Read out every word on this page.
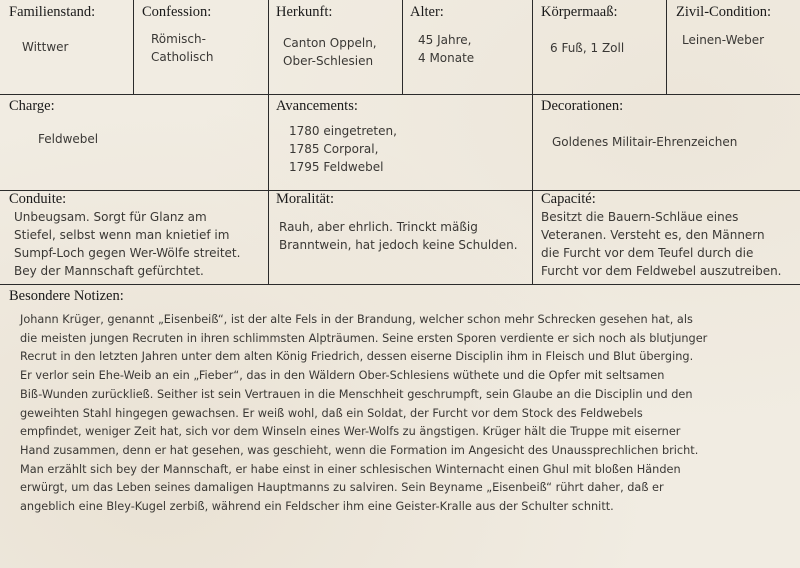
Familienstand:
Wittwer
Confession:
Römisch-
Catholisch
Herkunft:
Canton Oppeln,
Ober-Schlesien
Alter:
45 Jahre,
4 Monate
Körpermaaß:
6 Fuß, 1 Zoll
Zivil-Condition:
Leinen-Weber
Charge:
Feldwebel
Avancements:
1780 eingetreten,
1785 Corporal,
1795 Feldwebel
Decorationen:
Goldenes Militair-Ehrenzeichen
Conduite:
Unbeugsam. Sorgt für Glanz am
Stiefel, selbst wenn man knietief im
Sumpf-Loch gegen Wer-Wölfe streitet.
Bey der Mannschaft gefürchtet.
Moralität:
Rauh, aber ehrlich. Trinckt mäßig
Branntwein, hat jedoch keine Schulden.
Capacité:
Besitzt die Bauern-Schläue eines
Veteranen. Versteht es, den Männern
die Furcht vor dem Teufel durch die
Furcht vor dem Feldwebel auszutreiben.
Besondere Notizen:
Johann Krüger, genannt „Eisenbeiß“, ist der alte Fels in der Brandung, welcher schon mehr Schrecken gesehen hat, als
die meisten jungen Recruten in ihren schlimmsten Alpträumen. Seine ersten Sporen verdiente er sich noch als blutjunger
Recrut in den letzten Jahren unter dem alten König Friedrich, dessen eiserne Disciplin ihm in Fleisch und Blut überging.
Er verlor sein Ehe-Weib an ein „Fieber“, das in den Wäldern Ober-Schlesiens wüthete und die Opfer mit seltsamen
Biß-Wunden zurückließ. Seither ist sein Vertrauen in die Menschheit geschrumpft, sein Glaube an die Disciplin und den
geweihten Stahl hingegen gewachsen. Er weiß wohl, daß ein Soldat, der Furcht vor dem Stock des Feldwebels
empfindet, weniger Zeit hat, sich vor dem Winseln eines Wer-Wolfs zu ängstigen. Krüger hält die Truppe mit eiserner
Hand zusammen, denn er hat gesehen, was geschieht, wenn die Formation im Angesicht des Unaussprechlichen bricht.
Man erzählt sich bey der Mannschaft, er habe einst in einer schlesischen Winternacht einen Ghul mit bloßen Händen
erwürgt, um das Leben seines damaligen Hauptmanns zu salviren. Sein Beyname „Eisenbeiß“ rührt daher, daß er
angeblich eine Bley-Kugel zerbiß, während ein Feldscher ihm eine Geister-Kralle aus der Schulter schnitt.
